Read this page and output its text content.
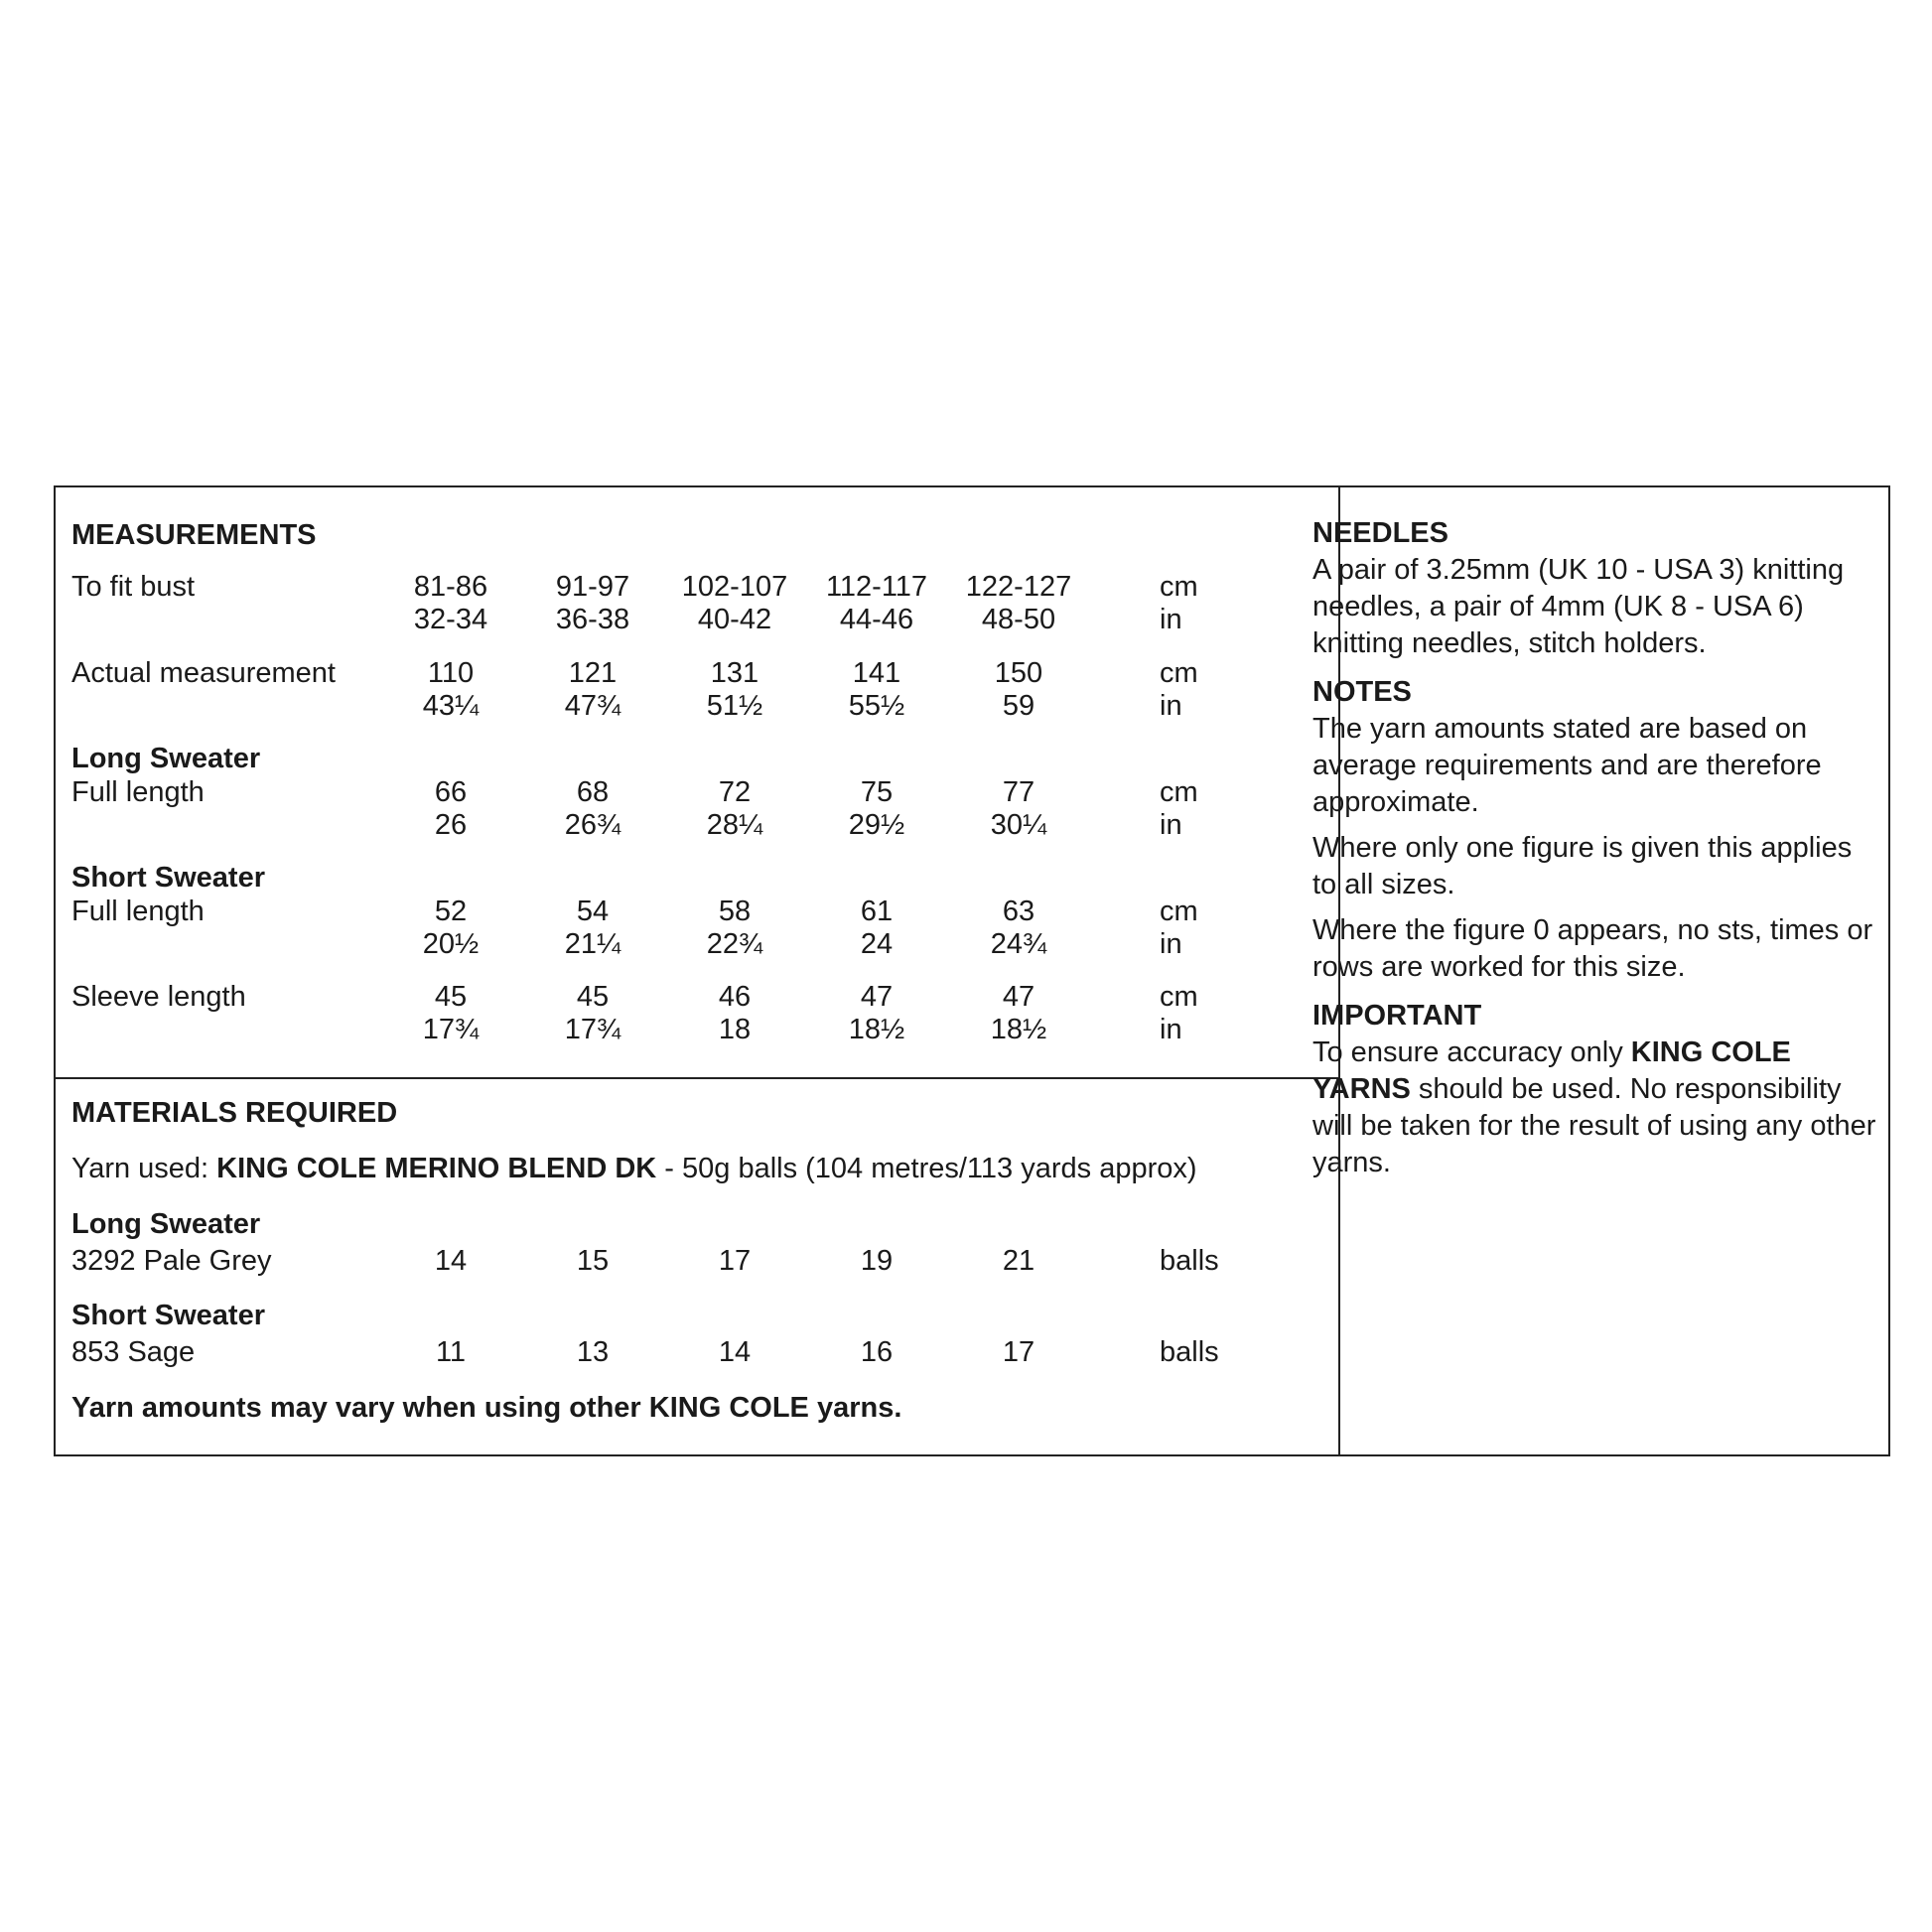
MEASUREMENTS
To fit bust	81-86	91-97	102-107	112-117	122-127	cm
32-34	36-38	40-42	44-46	48-50	in
Actual measurement	110	121	131	141	150	cm
43¼	47¾	51½	55½	59	in
Long Sweater
Full length	66	68	72	75	77	cm
26	26¾	28¼	29½	30¼	in
Short Sweater
Full length	52	54	58	61	63	cm
20½	21¼	22¾	24	24¾	in
Sleeve length	45	45	46	47	47	cm
17¾	17¾	18	18½	18½	in
MATERIALS REQUIRED
Yarn used: KING COLE MERINO BLEND DK - 50g balls (104 metres/113 yards approx)
Long Sweater
3292 Pale Grey	14	15	17	19	21	balls
Short Sweater
853 Sage	11	13	14	16	17	balls
Yarn amounts may vary when using other KING COLE yarns.

NEEDLES

A pair of 3.25mm (UK 10 - USA 3) knitting needles, a pair of 4mm (UK 8 - USA 6) knitting needles, stitch holders.

NOTES

The yarn amounts stated are based on average requirements and are therefore approximate.

Where only one figure is given this applies to all sizes.

Where the figure 0 appears, no sts, times or rows are worked for this size.

IMPORTANT

To ensure accuracy only KING COLE YARNS should be used. No responsibility will be taken for the result of using any other yarns.
